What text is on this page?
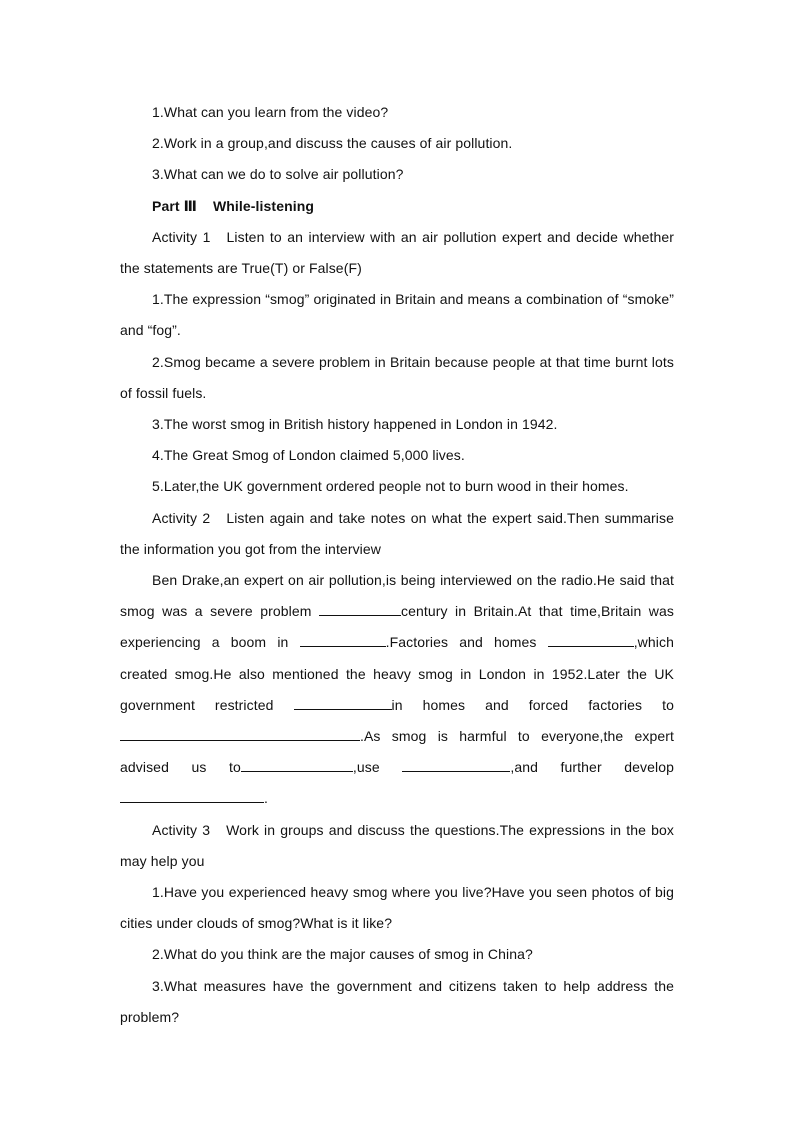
1.What can you learn from the video?

2.Work in a group,and discuss the causes of air pollution.

3.What can we do to solve air pollution?

Part Ⅲ While-listening

Activity 1 Listen to an interview with an air pollution expert and decide whether the statements are True(T) or False(F)

1.The expression “smog” originated in Britain and means a combination of “smoke” and “fog”.

2.Smog became a severe problem in Britain because people at that time burnt lots of fossil fuels.

3.The worst smog in British history happened in London in 1942.

4.The Great Smog of London claimed 5,000 lives.

5.Later,the UK government ordered people not to burn wood in their homes.

Activity 2 Listen again and take notes on what the expert said.Then summarise the information you got from the interview

Ben Drake,an expert on air pollution,is being interviewed on the radio.He said that smog was a severe problem	century in Britain.At that time,Britain was experiencing a boom in	.Factories and homes	,which created smog.He also mentioned the heavy smog in London in 1952.Later the UK government restricted	in homes and forced factories to .As smog is harmful to everyone,the expert advised us to	,use	,and further develop .

Activity 3 Work in groups and discuss the questions.The expressions in the box may help you

1.Have you experienced heavy smog where you live?Have you seen photos of big cities under clouds of smog?What is it like?

2.What do you think are the major causes of smog in China?

3.What measures have the government and citizens taken to help address the problem?
